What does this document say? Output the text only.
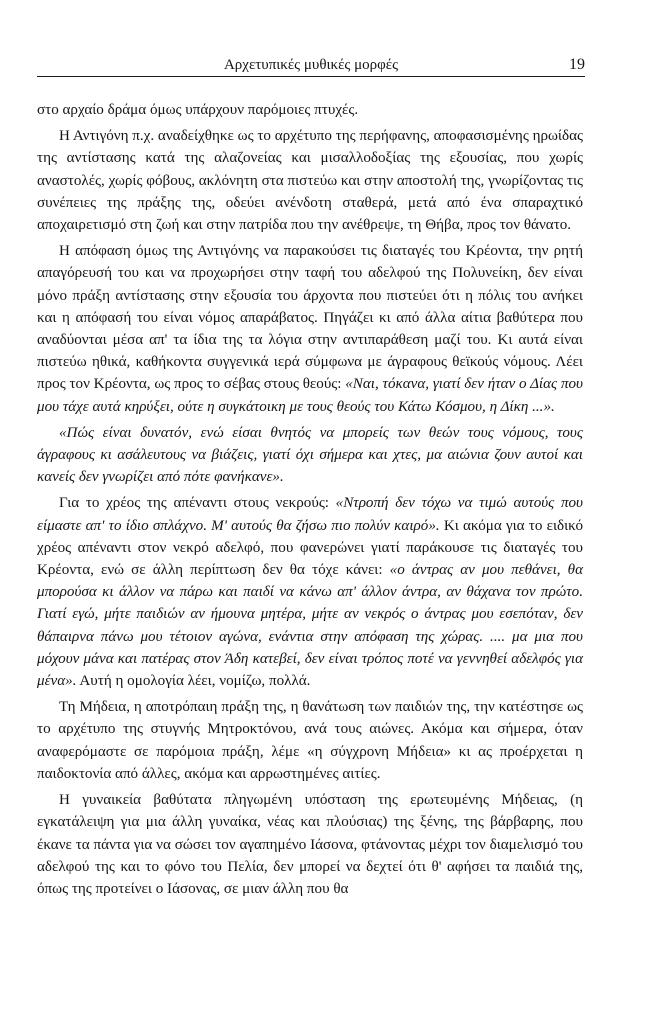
Αρχετυπικές μυθικές μορφές	19

στο αρχαίο δράμα όμως υπάρχουν παρόμοιες πτυχές.

Η Αντιγόνη π.χ. αναδείχθηκε ως το αρχέτυπο της περήφανης, αποφασισμένης ηρωίδας της αντίστασης κατά της αλαζονείας και μισαλλοδοξίας της εξουσίας, που χωρίς αναστολές, χωρίς φόβους, ακλόνητη στα πιστεύω και στην αποστολή της, γνωρίζοντας τις συνέπειες της πράξης της, οδεύει ανένδοτη σταθερά, μετά από ένα σπαραχτικό αποχαιρετισμό στη ζωή και στην πατρίδα που την ανέθρεψε, τη Θήβα, προς τον θάνατο.

Η απόφαση όμως της Αντιγόνης να παρακούσει τις διαταγές του Κρέοντα, την ρητή απαγόρευσή του και να προχωρήσει στην ταφή του αδελφού της Πολυνείκη, δεν είναι μόνο πράξη αντίστασης στην εξουσία του άρχοντα που πιστεύει ότι η πόλις του ανήκει και η απόφασή του είναι νόμος απαράβατος. Πηγάζει κι από άλλα αίτια βαθύτερα που αναδύονται μέσα απ' τα ίδια της τα λόγια στην αντιπαράθεση μαζί του. Κι αυτά είναι πιστεύω ηθικά, καθήκοντα συγγενικά ιερά σύμφωνα με άγραφους θεϊκούς νόμους. Λέει προς τον Κρέοντα, ως προς το σέβας στους θεούς: «Ναι, τόκανα, γιατί δεν ήταν ο Δίας που μου τάχε αυτά κηρύξει, ούτε η συγκάτοικη με τους θεούς του Κάτω Κόσμου, η Δίκη ...».

«Πώς είναι δυνατόν, ενώ είσαι θνητός να μπορείς των θεών τους νόμους, τους άγραφους κι ασάλευτους να βιάζεις, γιατί όχι σήμερα και χτες, μα αιώνια ζουν αυτοί και κανείς δεν γνωρίζει από πότε φανήκανε».

Για το χρέος της απέναντι στους νεκρούς: «Ντροπή δεν τόχω να τιμώ αυτούς που είμαστε απ' το ίδιο σπλάχνο. Μ' αυτούς θα ζήσω πιο πολύν καιρό». Κι ακόμα για το ειδικό χρέος απέναντι στον νεκρό αδελφό, που φανερώνει γιατί παράκουσε τις διαταγές του Κρέοντα, ενώ σε άλλη περίπτωση δεν θα τόχε κάνει: «ο άντρας αν μου πεθάνει, θα μπορούσα κι άλλον να πάρω και παιδί να κάνω απ' άλλον άντρα, αν θάχανα τον πρώτο. Γιατί εγώ, μήτε παιδιών αν ήμουνα μητέρα, μήτε αν νεκρός ο άντρας μου εσεπόταν, δεν θάπαιρνα πάνω μου τέτοιον αγώνα, ενάντια στην απόφαση της χώρας. .... μα μια που μόχουν μάνα και πατέρας στον Άδη κατεβεί, δεν είναι τρόπος ποτέ να γεννηθεί αδελφός για μένα». Αυτή η ομολογία λέει, νομίζω, πολλά.

Τη Μήδεια, η αποτρόπαιη πράξη της, η θανάτωση των παιδιών της, την κατέστησε ως το αρχέτυπο της στυγνής Μητροκτόνου, ανά τους αιώνες. Ακόμα και σήμερα, όταν αναφερόμαστε σε παρόμοια πράξη, λέμε «η σύγχρονη Μήδεια» κι ας προέρχεται η παιδοκτονία από άλλες, ακόμα και αρρωστημένες αιτίες.

Η γυναικεία βαθύτατα πληγωμένη υπόσταση της ερωτευμένης Μήδειας, (η εγκατάλειψη για μια άλλη γυναίκα, νέας και πλούσιας) της ξένης, της βάρβαρης, που έκανε τα πάντα για να σώσει τον αγαπημένο Ιάσονα, φτάνοντας μέχρι τον διαμελισμό του αδελφού της και το φόνο του Πελία, δεν μπορεί να δεχτεί ότι θ' αφήσει τα παιδιά της, όπως της προτείνει ο Ιάσονας, σε μιαν άλλη που θα
